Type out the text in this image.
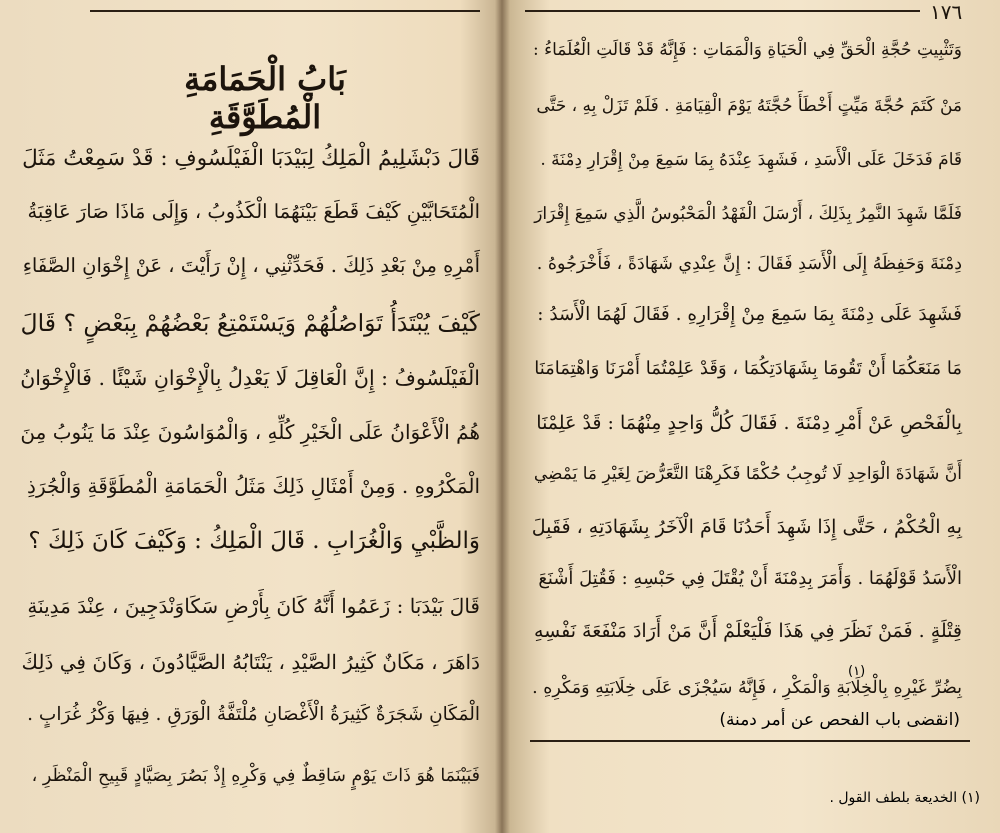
١٧٦
بَابُ الْحَمَامَةِ الْمُطَوَّقَةِ
قَالَ دَبْشَلِيمُ الْمَلِكُ لِبَيْدَبَا الْفَيْلَسُوفِ : قَدْ سَمِعْتُ مَثَلَ
الْمُتَحَابَّيْنِ كَيْفَ قَطَعَ بَيْنَهُمَا الْكَذُوبُ ، وَإِلَى مَاذَا صَارَ عَاقِبَةُ
أَمْرِهِ مِنْ بَعْدِ ذَلِكَ . فَحَدِّثْنِي ، إِنْ رَأَيْتَ ، عَنْ إِخْوَانِ الصَّفَاءِ
كَيْفَ يُبْتَدَأُ تَوَاصُلُهُمْ وَيَسْتَمْتِعُ بَعْضُهُمْ بِبَعْضٍ ؟ قَالَ
الْفَيْلَسُوفُ : إِنَّ الْعَاقِلَ لَا يَعْدِلُ بِالْإِخْوَانِ شَيْئًا . فَالْإِخْوَانُ
هُمُ الْأَعْوَانُ عَلَى الْخَيْرِ كُلِّهِ ، وَالْمُوَاسُونَ عِنْدَ مَا يَنُوبُ مِنَ
الْمَكْرُوهِ . وَمِنْ أَمْثَالِ ذَلِكَ مَثَلُ الْحَمَامَةِ الْمُطَوَّقَةِ وَالْجُرَذِ
وَالظَّبْيِ وَالْغُرَابِ . قَالَ الْمَلِكُ : وَكَيْفَ كَانَ ذَلِكَ ؟
قَالَ بَيْدَبَا : زَعَمُوا أَنَّهُ كَانَ بِأَرْضِ سَكَاوَنْدَجِينَ ، عِنْدَ مَدِينَةِ
دَاهَرَ ، مَكَانٌ كَثِيرُ الصَّيْدِ ، يَنْتَابُهُ الصَّيَّادُونَ ، وَكَانَ فِي ذَلِكَ
الْمَكَانِ شَجَرَةٌ كَثِيرَةُ الْأَغْصَانِ مُلْتَفَّةُ الْوَرَقِ . فِيهَا وَكْرُ غُرَابٍ .
فَبَيْنَمَا هُوَ ذَاتَ يَوْمٍ سَاقِطٌ فِي وَكْرِهِ إِذْ بَصُرَ بِصَيَّادٍ قَبِيحِ الْمَنْظَرِ ،
وَتَثْبِيتِ حُجَّةِ الْحَقِّ فِي الْحَيَاةِ وَالْمَمَاتِ : فَإِنَّهُ قَدْ قَالَتِ الْعُلَمَاءُ :
مَنْ كَتَمَ حُجَّةَ مَيِّتٍ أَخْطَأَ حُجَّتَهُ يَوْمَ الْقِيَامَةِ . فَلَمْ تَزَلْ بِهِ ، حَتَّى
قَامَ فَدَخَلَ عَلَى الْأَسَدِ ، فَشَهِدَ عِنْدَهُ بِمَا سَمِعَ مِنْ إِقْرَارِ دِمْنَةَ .
فَلَمَّا شَهِدَ النَّمِرُ بِذَلِكَ ، أَرْسَلَ الْفَهْدُ الْمَحْبُوسُ الَّذِي سَمِعَ إِقْرَارَ
دِمْنَةَ وَحَفِظَهُ إِلَى الْأَسَدِ فَقَالَ : إِنَّ عِنْدِي شَهَادَةً ، فَأَخْرَجُوهُ .
فَشَهِدَ عَلَى دِمْنَةَ بِمَا سَمِعَ مِنْ إِقْرَارِهِ . فَقَالَ لَهُمَا الْأَسَدُ :
مَا مَنَعَكُمَا أَنْ تَقُومَا بِشَهَادَتِكُمَا ، وَقَدْ عَلِمْتُمَا أَمْرَنَا وَاهْتِمَامَنَا
بِالْفَحْصِ عَنْ أَمْرِ دِمْنَةَ . فَقَالَ كُلُّ وَاحِدٍ مِنْهُمَا : قَدْ عَلِمْنَا
أَنَّ شَهَادَةَ الْوَاحِدِ لَا تُوجِبُ حُكْمًا فَكَرِهْنَا التَّعَرُّضَ لِغَيْرِ مَا يَمْضِي
بِهِ الْحُكْمُ ، حَتَّى إِذَا شَهِدَ أَحَدُنَا قَامَ الْآخَرُ بِشَهَادَتِهِ ، فَقَبِلَ
الْأَسَدُ قَوْلَهُمَا . وَأَمَرَ بِدِمْنَةَ أَنْ يُقْتَلَ فِي حَبْسِهِ : فَقُتِلَ أَشْنَعَ
قِتْلَةٍ . فَمَنْ نَظَرَ فِي هَذَا فَلْيَعْلَمْ أَنَّ مَنْ أَرَادَ مَنْفَعَةَ نَفْسِهِ
بِضُرِّ غَيْرِهِ بِالْخِلَابَةِ وَالْمَكْرِ ، فَإِنَّهُ سَيُجْزَى عَلَى خِلَابَتِهِ وَمَكْرِهِ .
(١)
(انقضى باب الفحص عن أمر دمنة)
(١) الخديعة بلطف القول .
